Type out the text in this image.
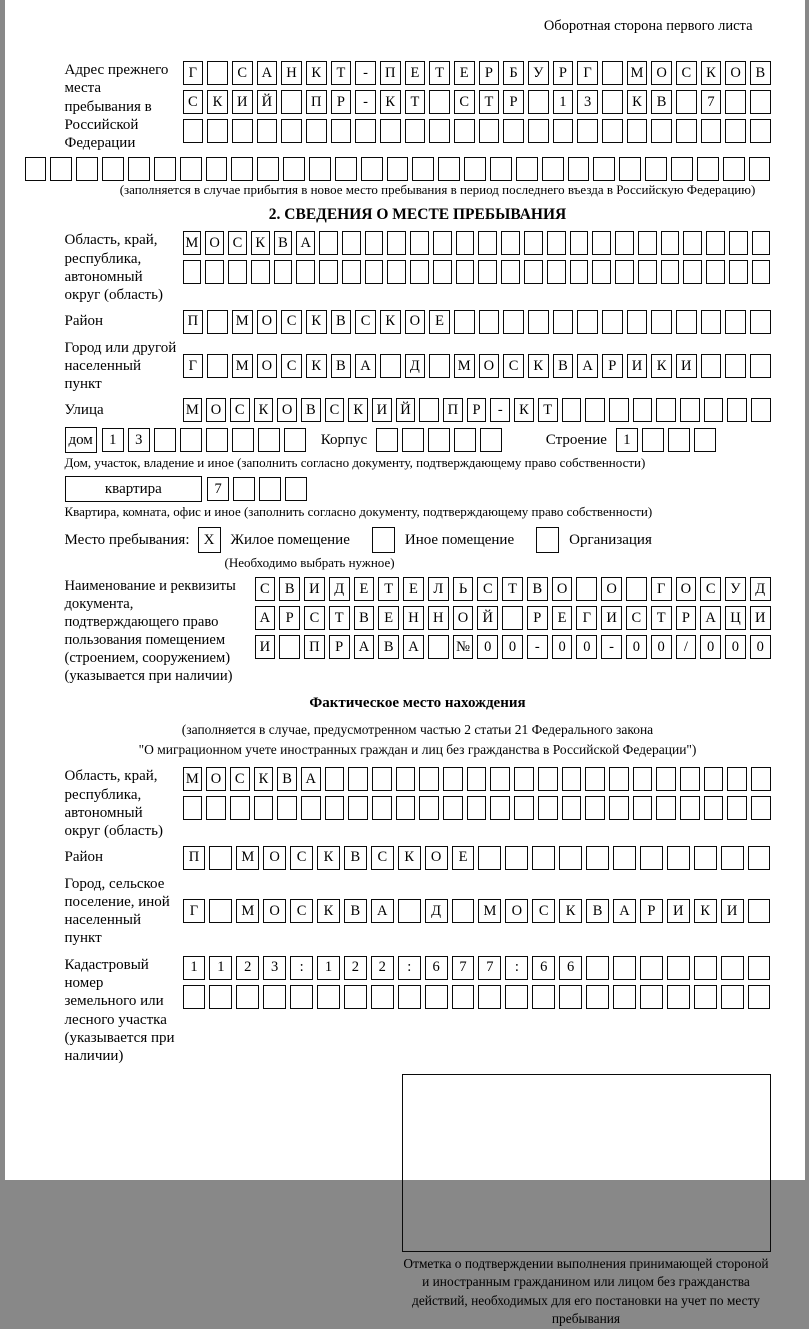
Оборотная сторона первого листа
Адрес прежнего места пребывания в Российской Федерации
Г	С	А Н	К	Т	-	П	Е	Т	Е	Р	Б	У	Р	Г	М О	С	К	О	В
С	К	И Й	П	Р	-	К	Т	С	Т	Р	1	3	К	В	7
(заполняется в случае прибытия в новое место пребывания в период последнего въезда в Российскую Федерацию)
2. СВЕДЕНИЯ О МЕСТЕ ПРЕБЫВАНИЯ
Область, край, республика, автономный округ (область)
М О С К В А
Район	П	М О	С	К	В	С	К	О	Е
Город или другой населенный пункт
Г	М О	С	К	В	А	Д	М О	С	К	В	А	Р	И	К	И
Улица	М О С К О В С К И Й	П Р	-	К Т
дом	1	3	Корпус	Строение	1
Дом, участок, владение и иное (заполнить согласно документу, подтверждающему право собственности)
квартира	7
Квартира, комната, офис и иное (заполнить согласно документу, подтверждающему право собственности)
Место пребывания: X	Жилое помещение	Иное помещение	Организация
(Необходимо выбрать нужное)
Наименование и реквизиты документа, подтверждающего право пользования помещением (строением, сооружением) (указывается при наличии)
С	В	И	Д	Е	Т	Е	Л	Ь	С	Т	В	О	О	Г	О	С	У	Д
А	Р	С	Т	В	Е	Н Н О Й	Р	Е	Г	И	С	Т	Р	А Ц И
И	П	Р	А	В	А	№ 0	0	-	0	0	-	0	0	/	0	0	0
Фактическое место нахождения
(заполняется в случае, предусмотренном частью 2 статьи 21 Федерального закона
"О миграционном учете иностранных граждан и лиц без гражданства в Российской Федерации")
Область, край, республика, автономный округ (область)
М О С К В А
Район	П	М	О	С	К	В	С	К	О	Е
Город, сельское поселение, иной населенный пункт
Г	М	О	С	К	В	А	Д	М	О	С	К	В	А	Р	И	К	И
Кадастровый номер земельного или лесного участка (указывается при наличии)
1	1	2	3	:	1	2	2	:	6	7	7	:	6	6
Отметка о подтверждении выполнения принимающей стороной и иностранным гражданином или лицом без гражданства действий, необходимых для его постановки на учет по месту пребывания
